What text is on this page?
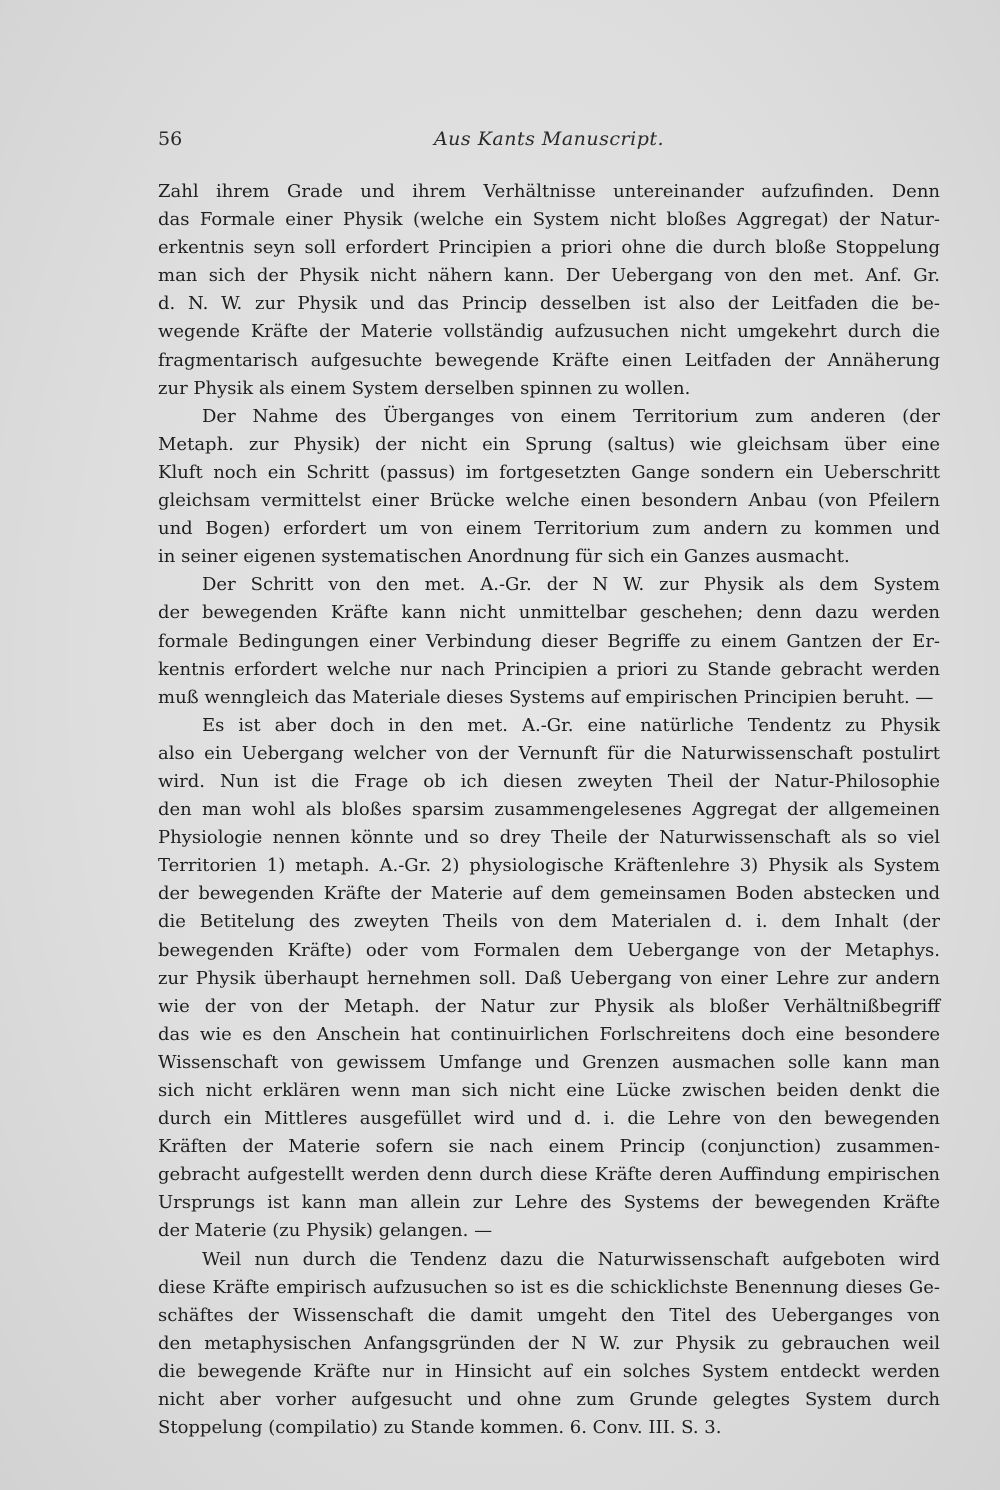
56	Aus Kants Manuscript.
Zahl ihrem Grade und ihrem Verhältnisse untereinander aufzufinden. Denn
das Formale einer Physik (welche ein System nicht bloßes Aggregat) der Natur-
erkentnis seyn soll erfordert Principien a priori ohne die durch bloße Stoppelung
man sich der Physik nicht nähern kann. Der Uebergang von den met. Anf. Gr.
d. N. W. zur Physik und das Princip desselben ist also der Leitfaden die be-
wegende Kräfte der Materie vollständig aufzusuchen nicht umgekehrt durch die
fragmentarisch aufgesuchte bewegende Kräfte einen Leitfaden der Annäherung
zur Physik als einem System derselben spinnen zu wollen.
Der Nahme des Überganges von einem Territorium zum anderen (der
Metaph. zur Physik) der nicht ein Sprung (saltus) wie gleichsam über eine
Kluft noch ein Schritt (passus) im fortgesetzten Gange sondern ein Ueberschritt
gleichsam vermittelst einer Brücke welche einen besondern Anbau (von Pfeilern
und Bogen) erfordert um von einem Territorium zum andern zu kommen und
in seiner eigenen systematischen Anordnung für sich ein Ganzes ausmacht.
Der Schritt von den met. A.-Gr. der N W. zur Physik als dem System
der bewegenden Kräfte kann nicht unmittelbar geschehen; denn dazu werden
formale Bedingungen einer Verbindung dieser Begriffe zu einem Gantzen der Er-
kentnis erfordert welche nur nach Principien a priori zu Stande gebracht werden
muß wenngleich das Materiale dieses Systems auf empirischen Principien beruht. —
Es ist aber doch in den met. A.-Gr. eine natürliche Tendentz zu Physik
also ein Uebergang welcher von der Vernunft für die Naturwissenschaft postulirt
wird. Nun ist die Frage ob ich diesen zweyten Theil der Natur-Philosophie
den man wohl als bloßes sparsim zusammengelesenes Aggregat der allgemeinen
Physiologie nennen könnte und so drey Theile der Naturwissenschaft als so viel
Territorien 1) metaph. A.-Gr. 2) physiologische Kräftenlehre 3) Physik als System
der bewegenden Kräfte der Materie auf dem gemeinsamen Boden abstecken und
die Betitelung des zweyten Theils von dem Materialen d. i. dem Inhalt (der
bewegenden Kräfte) oder vom Formalen dem Uebergange von der Metaphys.
zur Physik überhaupt hernehmen soll. Daß Uebergang von einer Lehre zur andern
wie der von der Metaph. der Natur zur Physik als bloßer Verhältnißbegriff
das wie es den Anschein hat continuirlichen Forlschreitens doch eine besondere
Wissenschaft von gewissem Umfange und Grenzen ausmachen solle kann man
sich nicht erklären wenn man sich nicht eine Lücke zwischen beiden denkt die
durch ein Mittleres ausgefüllet wird und d. i. die Lehre von den bewegenden
Kräften der Materie sofern sie nach einem Princip (conjunction) zusammen-
gebracht aufgestellt werden denn durch diese Kräfte deren Auffindung empirischen
Ursprungs ist kann man allein zur Lehre des Systems der bewegenden Kräfte
der Materie (zu Physik) gelangen. —
Weil nun durch die Tendenz dazu die Naturwissenschaft aufgeboten wird
diese Kräfte empirisch aufzusuchen so ist es die schicklichste Benennung dieses Ge-
schäftes der Wissenschaft die damit umgeht den Titel des Ueberganges von
den metaphysischen Anfangsgründen der N W. zur Physik zu gebrauchen weil
die bewegende Kräfte nur in Hinsicht auf ein solches System entdeckt werden
nicht aber vorher aufgesucht und ohne zum Grunde gelegtes System durch
Stoppelung (compilatio) zu Stande kommen. 6. Conv. III. S. 3.
